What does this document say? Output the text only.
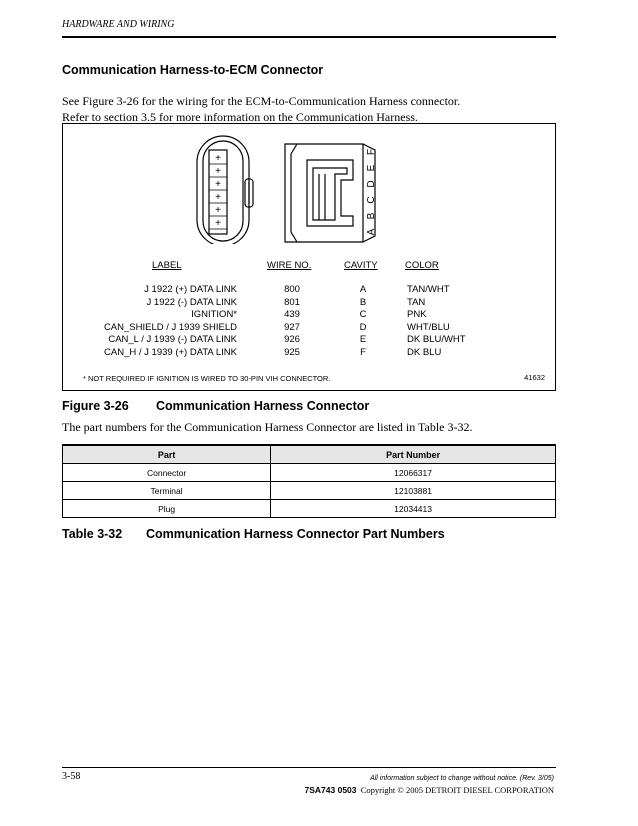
HARDWARE AND WIRING
Communication Harness-to-ECM Connector
See Figure 3-26 for the wiring for the ECM-to-Communication Harness connector.
Refer to section 3.5 for more information on the Communication Harness.
+
+
+
+
+
+
A
B
C
D
E
F
LABEL	WIRE NO.	CAVITY	COLOR
J 1922 (+) DATA LINK	800	A	TAN/WHT
J 1922 (-) DATA LINK	801	B	TAN
IGNITION*	439	C	PNK
CAN_SHIELD / J 1939 SHIELD	927	D	WHT/BLU
CAN_L / J 1939 (-) DATA LINK	926	E	DK BLU/WHT
CAN_H / J 1939 (+) DATA LINK	925	F	DK BLU
* NOT REQUIRED IF IGNITION IS WIRED TO 30-PIN VIH CONNECTOR.	41632
Figure 3-26 Communication Harness Connector
The part numbers for the Communication Harness Connector are listed in Table 3-32.
Part	Part Number
Connector	12066317
Terminal	12103881
Plug	12034413
Table 3-32 Communication Harness Connector Part Numbers
3-58	All information subject to change without notice. (Rev. 3/05)
7SA743 0503 Copyright © 2005 DETROIT DIESEL CORPORATION
